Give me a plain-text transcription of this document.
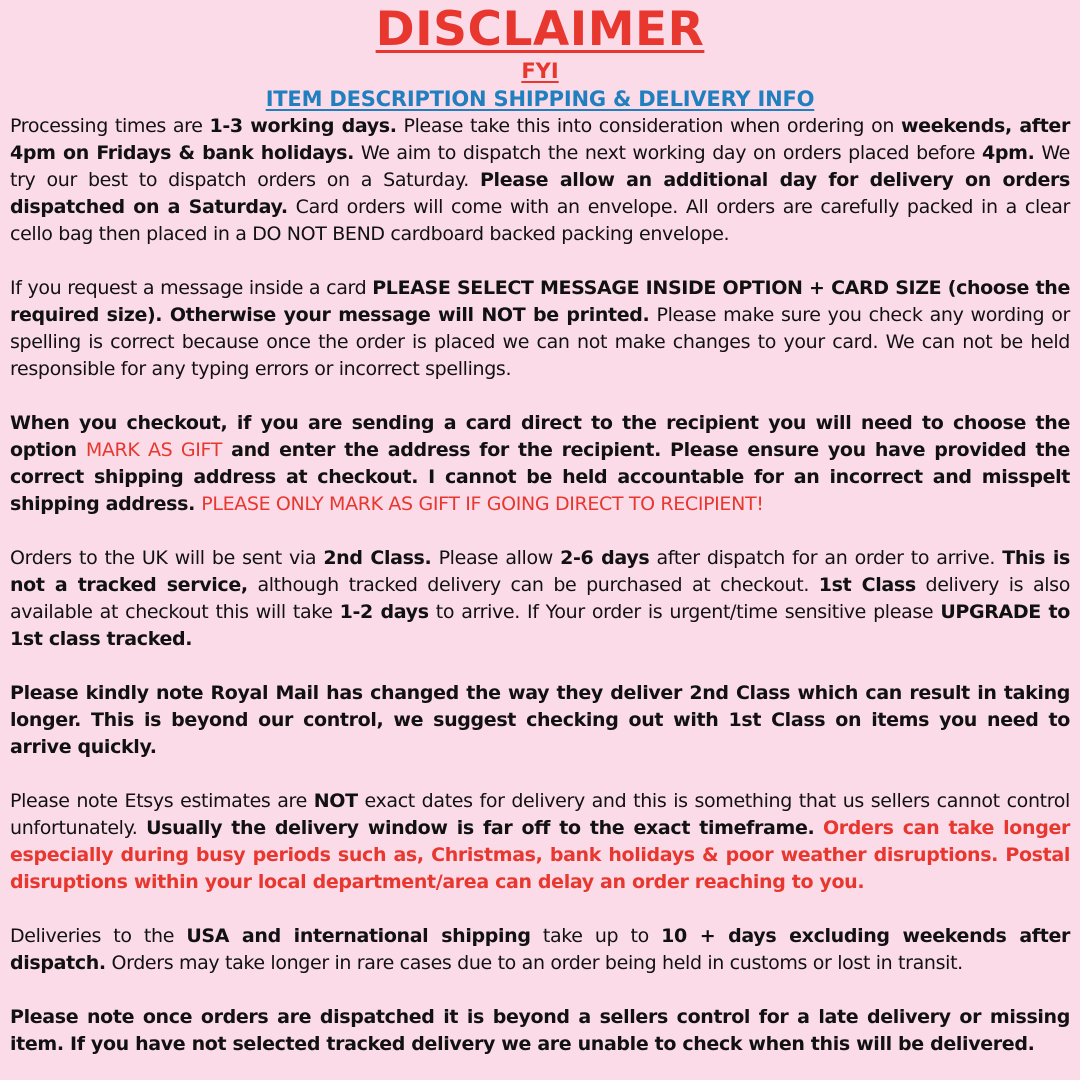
DISCLAIMER
FYI
ITEM DESCRIPTION SHIPPING & DELIVERY INFO

Processing times are 1-3 working days. Please take this into consideration when ordering on weekends, after 4pm on Fridays & bank holidays. We aim to dispatch the next working day on orders placed before 4pm. We try our best to dispatch orders on a Saturday. Please allow an additional day for delivery on orders dispatched on a Saturday. Card orders will come with an envelope. All orders are carefully packed in a clear cello bag then placed in a DO NOT BEND cardboard backed packing envelope.

If you request a message inside a card PLEASE SELECT MESSAGE INSIDE OPTION + CARD SIZE (choose the required size). Otherwise your message will NOT be printed. Please make sure you check any wording or spelling is correct because once the order is placed we can not make changes to your card. We can not be held responsible for any typing errors or incorrect spellings.

When you checkout, if you are sending a card direct to the recipient you will need to choose the option MARK AS GIFT and enter the address for the recipient. Please ensure you have provided the correct shipping address at checkout. I cannot be held accountable for an incorrect and misspelt shipping address. PLEASE ONLY MARK AS GIFT IF GOING DIRECT TO RECIPIENT!

Orders to the UK will be sent via 2nd Class. Please allow 2-6 days after dispatch for an order to arrive. This is not a tracked service, although tracked delivery can be purchased at checkout. 1st Class delivery is also available at checkout this will take 1-2 days to arrive. If Your order is urgent/time sensitive please UPGRADE to 1st class tracked.

Please kindly note Royal Mail has changed the way they deliver 2nd Class which can result in taking longer. This is beyond our control, we suggest checking out with 1st Class on items you need to arrive quickly.

Please note Etsys estimates are NOT exact dates for delivery and this is something that us sellers cannot control unfortunately. Usually the delivery window is far off to the exact timeframe. Orders can take longer especially during busy periods such as, Christmas, bank holidays & poor weather disruptions. Postal disruptions within your local department/area can delay an order reaching to you.

Deliveries to the USA and international shipping take up to 10 + days excluding weekends after dispatch. Orders may take longer in rare cases due to an order being held in customs or lost in transit.

Please note once orders are dispatched it is beyond a sellers control for a late delivery or missing item. If you have not selected tracked delivery we are unable to check when this will be delivered.
